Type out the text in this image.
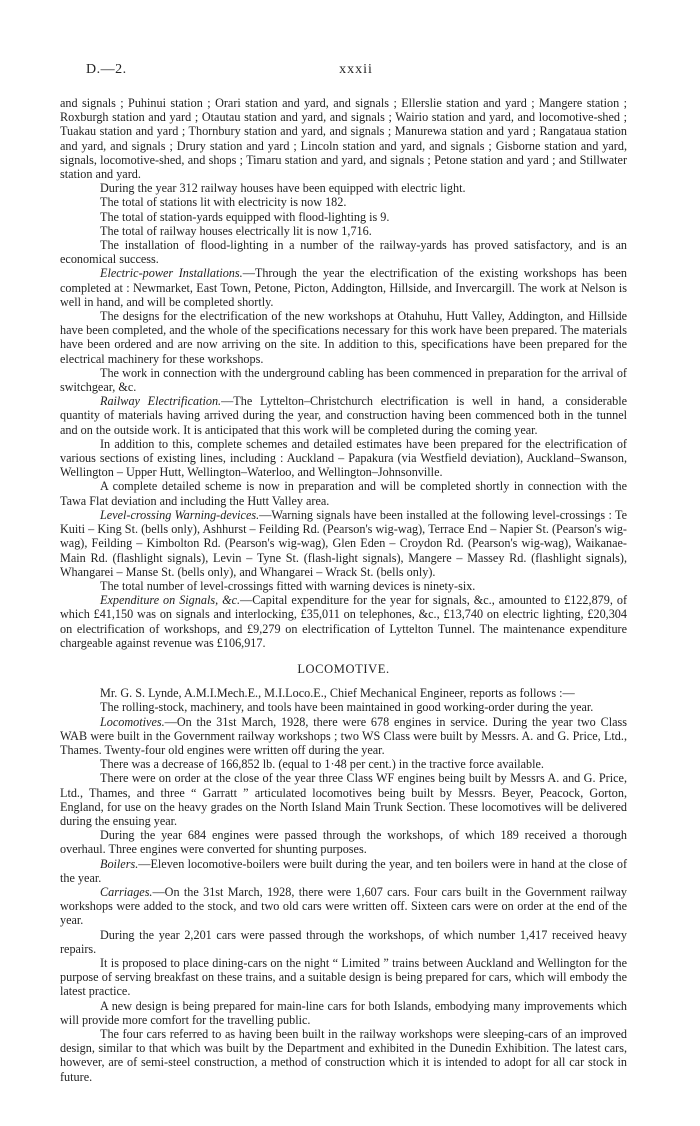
D.—2.	xxxii

and signals ; Puhinui station ; Orari station and yard, and signals ; Ellerslie station and yard ; Mangere station ; Roxburgh station and yard ; Otautau station and yard, and signals ; Wairio station and yard, and locomotive-shed ; Tuakau station and yard ; Thornbury station and yard, and signals ; Manurewa station and yard ; Rangataua station and yard, and signals ; Drury station and yard ; Lincoln station and yard, and signals ; Gisborne station and yard, signals, locomotive-shed, and shops ; Timaru station and yard, and signals ; Petone station and yard ; and Stillwater station and yard.

During the year 312 railway houses have been equipped with electric light.

The total of stations lit with electricity is now 182.

The total of station-yards equipped with flood-lighting is 9.

The total of railway houses electrically lit is now 1,716.

The installation of flood-lighting in a number of the railway-yards has proved satisfactory, and is an economical success.

Electric-power Installations.—Through the year the electrification of the existing workshops has been completed at : Newmarket, East Town, Petone, Picton, Addington, Hillside, and Invercargill. The work at Nelson is well in hand, and will be completed shortly.

The designs for the electrification of the new workshops at Otahuhu, Hutt Valley, Addington, and Hillside have been completed, and the whole of the specifications necessary for this work have been prepared. The materials have been ordered and are now arriving on the site. In addition to this, specifications have been prepared for the electrical machinery for these workshops.

The work in connection with the underground cabling has been commenced in preparation for the arrival of switchgear, &c.

Railway Electrification.—The Lyttelton–Christchurch electrification is well in hand, a considerable quantity of materials having arrived during the year, and construction having been commenced both in the tunnel and on the outside work. It is anticipated that this work will be completed during the coming year.

In addition to this, complete schemes and detailed estimates have been prepared for the electrification of various sections of existing lines, including : Auckland – Papakura (via Westfield deviation), Auckland–Swanson, Wellington – Upper Hutt, Wellington–Waterloo, and Wellington–Johnsonville.

A complete detailed scheme is now in preparation and will be completed shortly in connection with the Tawa Flat deviation and including the Hutt Valley area.

Level-crossing Warning-devices.—Warning signals have been installed at the following level-crossings : Te Kuiti – King St. (bells only), Ashhurst – Feilding Rd. (Pearson's wig-wag), Terrace End – Napier St. (Pearson's wig-wag), Feilding – Kimbolton Rd. (Pearson's wig-wag), Glen Eden – Croydon Rd. (Pearson's wig-wag), Waikanae-Main Rd. (flashlight signals), Levin – Tyne St. (flash-light signals), Mangere – Massey Rd. (flashlight signals), Whangarei – Manse St. (bells only), and Whangarei – Wrack St. (bells only).

The total number of level-crossings fitted with warning devices is ninety-six.

Expenditure on Signals, &c.—Capital expenditure for the year for signals, &c., amounted to £122,879, of which £41,150 was on signals and interlocking, £35,011 on telephones, &c., £13,740 on electric lighting, £20,304 on electrification of workshops, and £9,279 on electrification of Lyttelton Tunnel. The maintenance expenditure chargeable against revenue was £106,917.

LOCOMOTIVE.

Mr. G. S. Lynde, A.M.I.Mech.E., M.I.Loco.E., Chief Mechanical Engineer, reports as follows :—

The rolling-stock, machinery, and tools have been maintained in good working-order during the year.

Locomotives.—On the 31st March, 1928, there were 678 engines in service. During the year two Class WAB were built in the Government railway workshops ; two WS Class were built by Messrs. A. and G. Price, Ltd., Thames. Twenty-four old engines were written off during the year.

There was a decrease of 166,852 lb. (equal to 1·48 per cent.) in the tractive force available.

There were on order at the close of the year three Class WF engines being built by Messrs A. and G. Price, Ltd., Thames, and three “ Garratt ” articulated locomotives being built by Messrs. Beyer, Peacock, Gorton, England, for use on the heavy grades on the North Island Main Trunk Section. These locomotives will be delivered during the ensuing year.

During the year 684 engines were passed through the workshops, of which 189 received a thorough overhaul. Three engines were converted for shunting purposes.

Boilers.—Eleven locomotive-boilers were built during the year, and ten boilers were in hand at the close of the year.

Carriages.—On the 31st March, 1928, there were 1,607 cars. Four cars built in the Government railway workshops were added to the stock, and two old cars were written off. Sixteen cars were on order at the end of the year.

During the year 2,201 cars were passed through the workshops, of which number 1,417 received heavy repairs.

It is proposed to place dining-cars on the night “ Limited ” trains between Auckland and Wellington for the purpose of serving breakfast on these trains, and a suitable design is being prepared for cars, which will embody the latest practice.

A new design is being prepared for main-line cars for both Islands, embodying many improvements which will provide more comfort for the travelling public.

The four cars referred to as having been built in the railway workshops were sleeping-cars of an improved design, similar to that which was built by the Department and exhibited in the Dunedin Exhibition. The latest cars, however, are of semi-steel construction, a method of construction which it is intended to adopt for all car stock in future.
